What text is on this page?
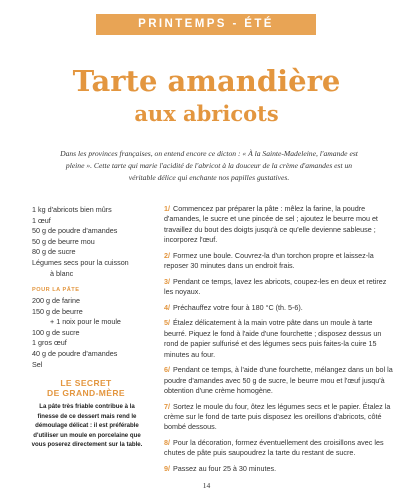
PRINTEMPS - ÉTÉ
Tarte amandière
aux abricots
Dans les provinces françaises, on entend encore ce dicton : « À la Sainte-Madeleine, l'amande est pleine ». Cette tarte qui marie l'acidité de l'abricot à la douceur de la crème d'amandes est un véritable délice qui enchante nos papilles gustatives.
1 kg d'abricots bien mûrs
1 œuf
50 g de poudre d'amandes
50 g de beurre mou
80 g de sucre
Légumes secs pour la cuisson
à blanc
POUR LA PÂTE
200 g de farine
150 g de beurre
+ 1 noix pour le moule
100 g de sucre
1 gros œuf
40 g de poudre d'amandes
Sel
LE SECRET
DE GRAND-MÈRE
La pâte très friable contribue à la finesse de ce dessert mais rend le démoulage délicat : il est préférable d'utiliser un moule en porcelaine que vous poserez directement sur la table.
1/ Commencez par préparer la pâte : mêlez la farine, la poudre d'amandes, le sucre et une pincée de sel ; ajoutez le beurre mou et travaillez du bout des doigts jusqu'à ce qu'elle devienne sableuse ; incorporez l'œuf.
2/ Formez une boule. Couvrez-la d'un torchon propre et laissez-la reposer 30 minutes dans un endroit frais.
3/ Pendant ce temps, lavez les abricots, coupez-les en deux et retirez les noyaux.
4/ Préchauffez votre four à 180 °C (th. 5-6).
5/ Étalez délicatement à la main votre pâte dans un moule à tarte beurré. Piquez le fond à l'aide d'une fourchette ; disposez dessus un rond de papier sulfurisé et des légumes secs puis faites-la cuire 15 minutes au four.
6/ Pendant ce temps, à l'aide d'une fourchette, mélangez dans un bol la poudre d'amandes avec 50 g de sucre, le beurre mou et l'œuf jusqu'à obtention d'une crème homogène.
7/ Sortez le moule du four, ôtez les légumes secs et le papier. Étalez la crème sur le fond de tarte puis disposez les oreillons d'abricots, côté bombé dessous.
8/ Pour la décoration, formez éventuellement des croisillons avec les chutes de pâte puis saupoudrez la tarte du restant de sucre.
9/ Passez au four 25 à 30 minutes.
14
